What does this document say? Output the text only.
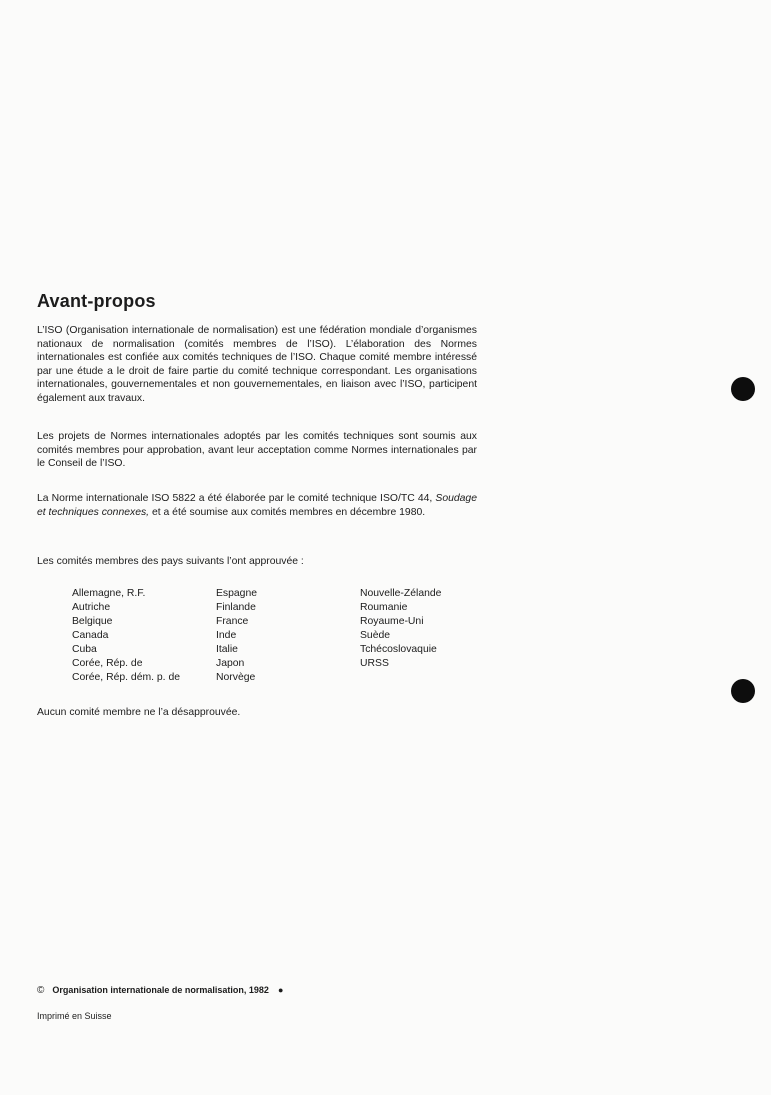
Avant-propos

L’ISO (Organisation internationale de normalisation) est une fédération mondiale d’organismes nationaux de normalisation (comités membres de l’ISO). L’élaboration des Normes internationales est confiée aux comités techniques de l’ISO. Chaque comité membre intéressé par une étude a le droit de faire partie du comité technique correspondant. Les organisations internationales, gouvernementales et non gouvernementales, en liaison avec l’ISO, participent également aux travaux.

Les projets de Normes internationales adoptés par les comités techniques sont soumis aux comités membres pour approbation, avant leur acceptation comme Normes internationales par le Conseil de l’ISO.

La Norme internationale ISO 5822 a été élaborée par le comité technique ISO/TC 44, Soudage et techniques connexes, et a été soumise aux comités membres en décembre 1980.

Les comités membres des pays suivants l’ont approuvée :

Allemagne, R.F.
Autriche
Belgique
Canada
Cuba
Corée, Rép. de
Corée, Rép. dém. p. de
Espagne
Finlande
France
Inde
Italie
Japon
Norvège
Nouvelle-Zélande
Roumanie
Royaume-Uni
Suède
Tchécoslovaquie
URSS

Aucun comité membre ne l’a désapprouvée.

© Organisation internationale de normalisation, 1982 ●

Imprimé en Suisse
